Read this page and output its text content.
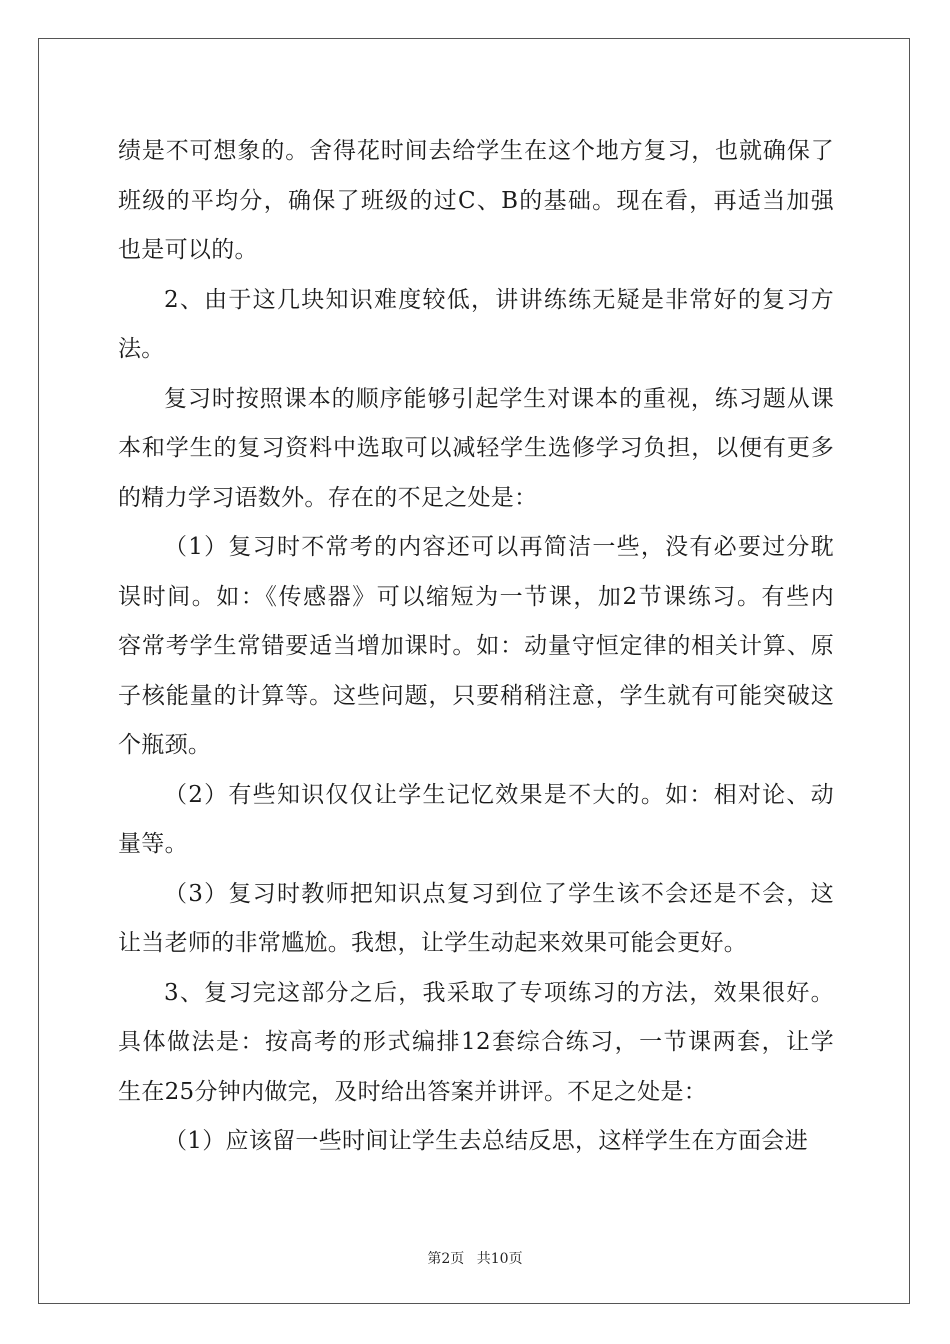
绩是不可想象的。舍得花时间去给学生在这个地方复习，也就确保了
班级的平均分，确保了班级的过C、B的基础。现在看，再适当加强
也是可以的。

2、由于这几块知识难度较低，讲讲练练无疑是非常好的复习方
法。

复习时按照课本的顺序能够引起学生对课本的重视，练习题从课
本和学生的复习资料中选取可以减轻学生选修学习负担，以便有更多
的精力学习语数外。存在的不足之处是：

（1）复习时不常考的内容还可以再简洁一些，没有必要过分耽
误时间。如：《传感器》可以缩短为一节课，加2节课练习。有些内
容常考学生常错要适当增加课时。如：动量守恒定律的相关计算、原
子核能量的计算等。这些问题，只要稍稍注意，学生就有可能突破这
个瓶颈。

（2）有些知识仅仅让学生记忆效果是不大的。如：相对论、动
量等。

（3）复习时教师把知识点复习到位了学生该不会还是不会，这
让当老师的非常尴尬。我想，让学生动起来效果可能会更好。

3、复习完这部分之后，我采取了专项练习的方法，效果很好。
具体做法是：按高考的形式编排12套综合练习，一节课两套，让学
生在25分钟内做完，及时给出答案并讲评。不足之处是：

（1）应该留一些时间让学生去总结反思，这样学生在方面会进

第2页 共10页
